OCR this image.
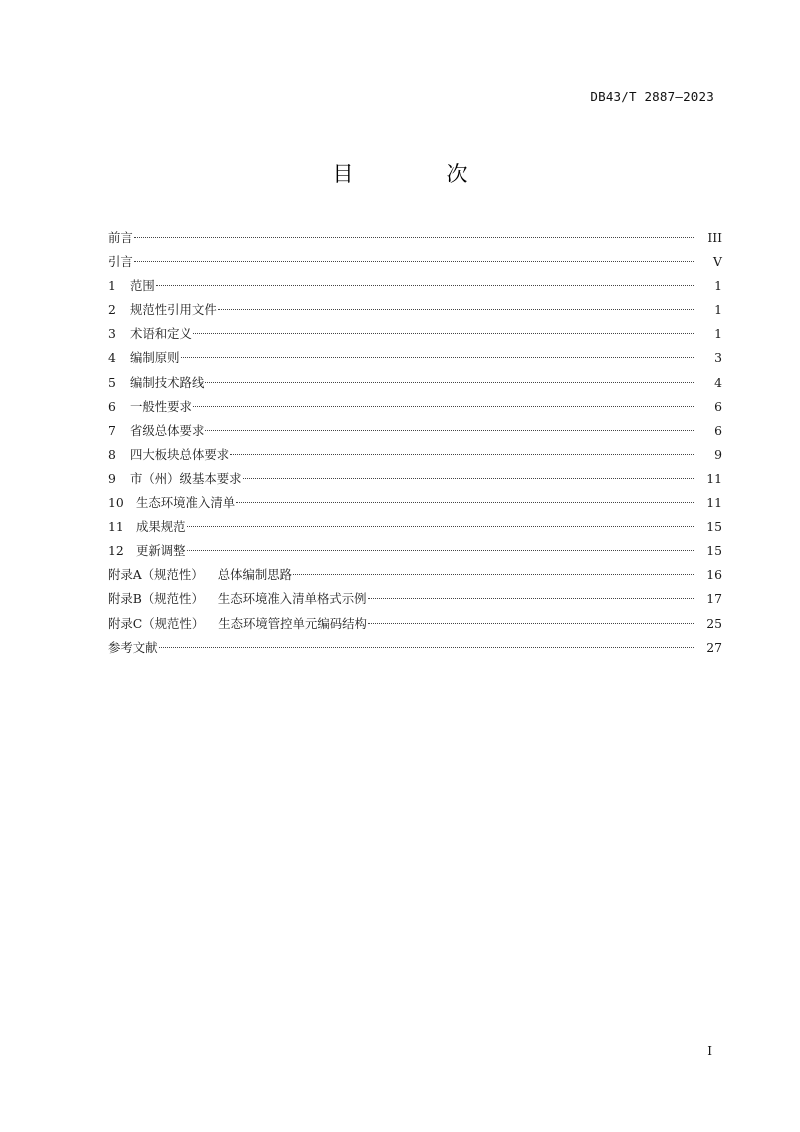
DB43/T 2887—2023
目　次
前言	III
引言	V
1	范围	1
2	规范性引用文件	1
3	术语和定义	1
4	编制原则	3
5	编制技术路线	4
6	一般性要求	6
7	省级总体要求	6
8	四大板块总体要求	9
9	市（州）级基本要求	11
10 生态环境准入清单	11
11 成果规范	15
12 更新调整	15
附录A（规范性） 总体编制思路	16
附录B（规范性） 生态环境准入清单格式示例	17
附录C（规范性） 生态环境管控单元编码结构	25
参考文献	27
I
